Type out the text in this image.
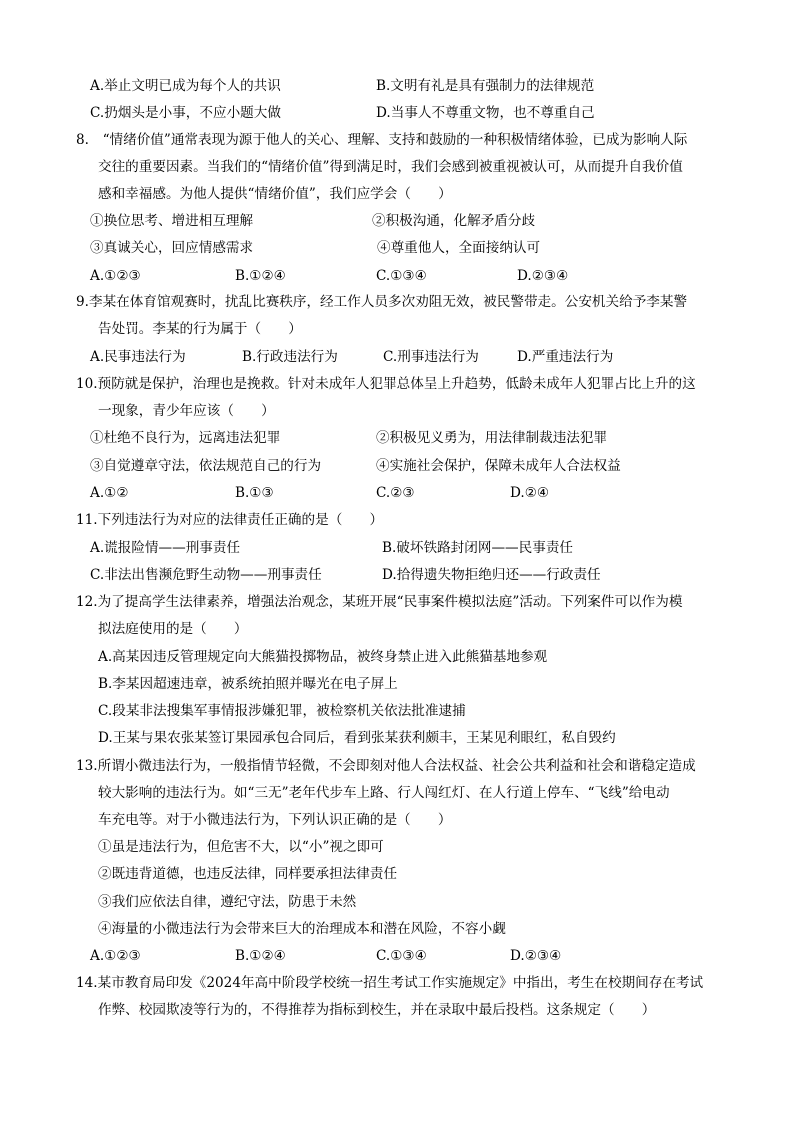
A.举止文明已成为每个人的共识	B.文明有礼是具有强制力的法律规范
C.扔烟头是小事，不应小题大做	D.当事人不尊重文物，也不尊重自己
8.　“情绪价值”通常表现为源于他人的关心、理解、支持和鼓励的一种积极情绪体验，已成为影响人际
交往的重要因素。当我们的“情绪价值”得到满足时，我们会感到被重视被认可，从而提升自我价值
感和幸福感。为他人提供“情绪价值”，我们应学会（　　）
①换位思考、增进相互理解	②积极沟通，化解矛盾分歧
③真诚关心，回应情感需求	④尊重他人，全面接纳认可
A.①②③	B.①②④	C.①③④	D.②③④
9.李某在体育馆观赛时，扰乱比赛秩序，经工作人员多次劝阻无效，被民警带走。公安机关给予李某警
告处罚。李某的行为属于（　　）
A.民事违法行为	B.行政违法行为	C.刑事违法行为	D.严重违法行为
10.预防就是保护，治理也是挽救。针对未成年人犯罪总体呈上升趋势，低龄未成年人犯罪占比上升的这
一现象，青少年应该（　　）
①杜绝不良行为，远离违法犯罪	②积极见义勇为，用法律制裁违法犯罪
③自觉遵章守法，依法规范自己的行为	④实施社会保护，保障未成年人合法权益
A.①②	B.①③	C.②③	D.②④
11.下列违法行为对应的法律责任正确的是（　　）
A.谎报险情——刑事责任	B.破坏铁路封闭网——民事责任
C.非法出售濒危野生动物——刑事责任	D.拾得遗失物拒绝归还——行政责任
12.为了提高学生法律素养，增强法治观念，某班开展“民事案件模拟法庭”活动。下列案件可以作为模
拟法庭使用的是（　　）
A.高某因违反管理规定向大熊猫投掷物品，被终身禁止进入此熊猫基地参观
B.李某因超速违章，被系统拍照并曝光在电子屏上
C.段某非法搜集军事情报涉嫌犯罪，被检察机关依法批准逮捕
D.王某与果农张某签订果园承包合同后，看到张某获利颇丰，王某见利眼红，私自毁约
13.所谓小微违法行为，一般指情节轻微，不会即刻对他人合法权益、社会公共利益和社会和谐稳定造成
较大影响的违法行为。如“三无”老年代步车上路、行人闯红灯、在人行道上停车、“飞线”给电动
车充电等。对于小微违法行为，下列认识正确的是（　　）
①虽是违法行为，但危害不大，以“小”视之即可
②既违背道德，也违反法律，同样要承担法律责任
③我们应依法自律，遵纪守法，防患于未然
④海量的小微违法行为会带来巨大的治理成本和潜在风险，不容小觑
A.①②③	B.①②④	C.①③④	D.②③④
14.某市教育局印发《2024年高中阶段学校统一招生考试工作实施规定》中指出，考生在校期间存在考试
作弊、校园欺凌等行为的，不得推荐为指标到校生，并在录取中最后投档。这条规定（　　）
